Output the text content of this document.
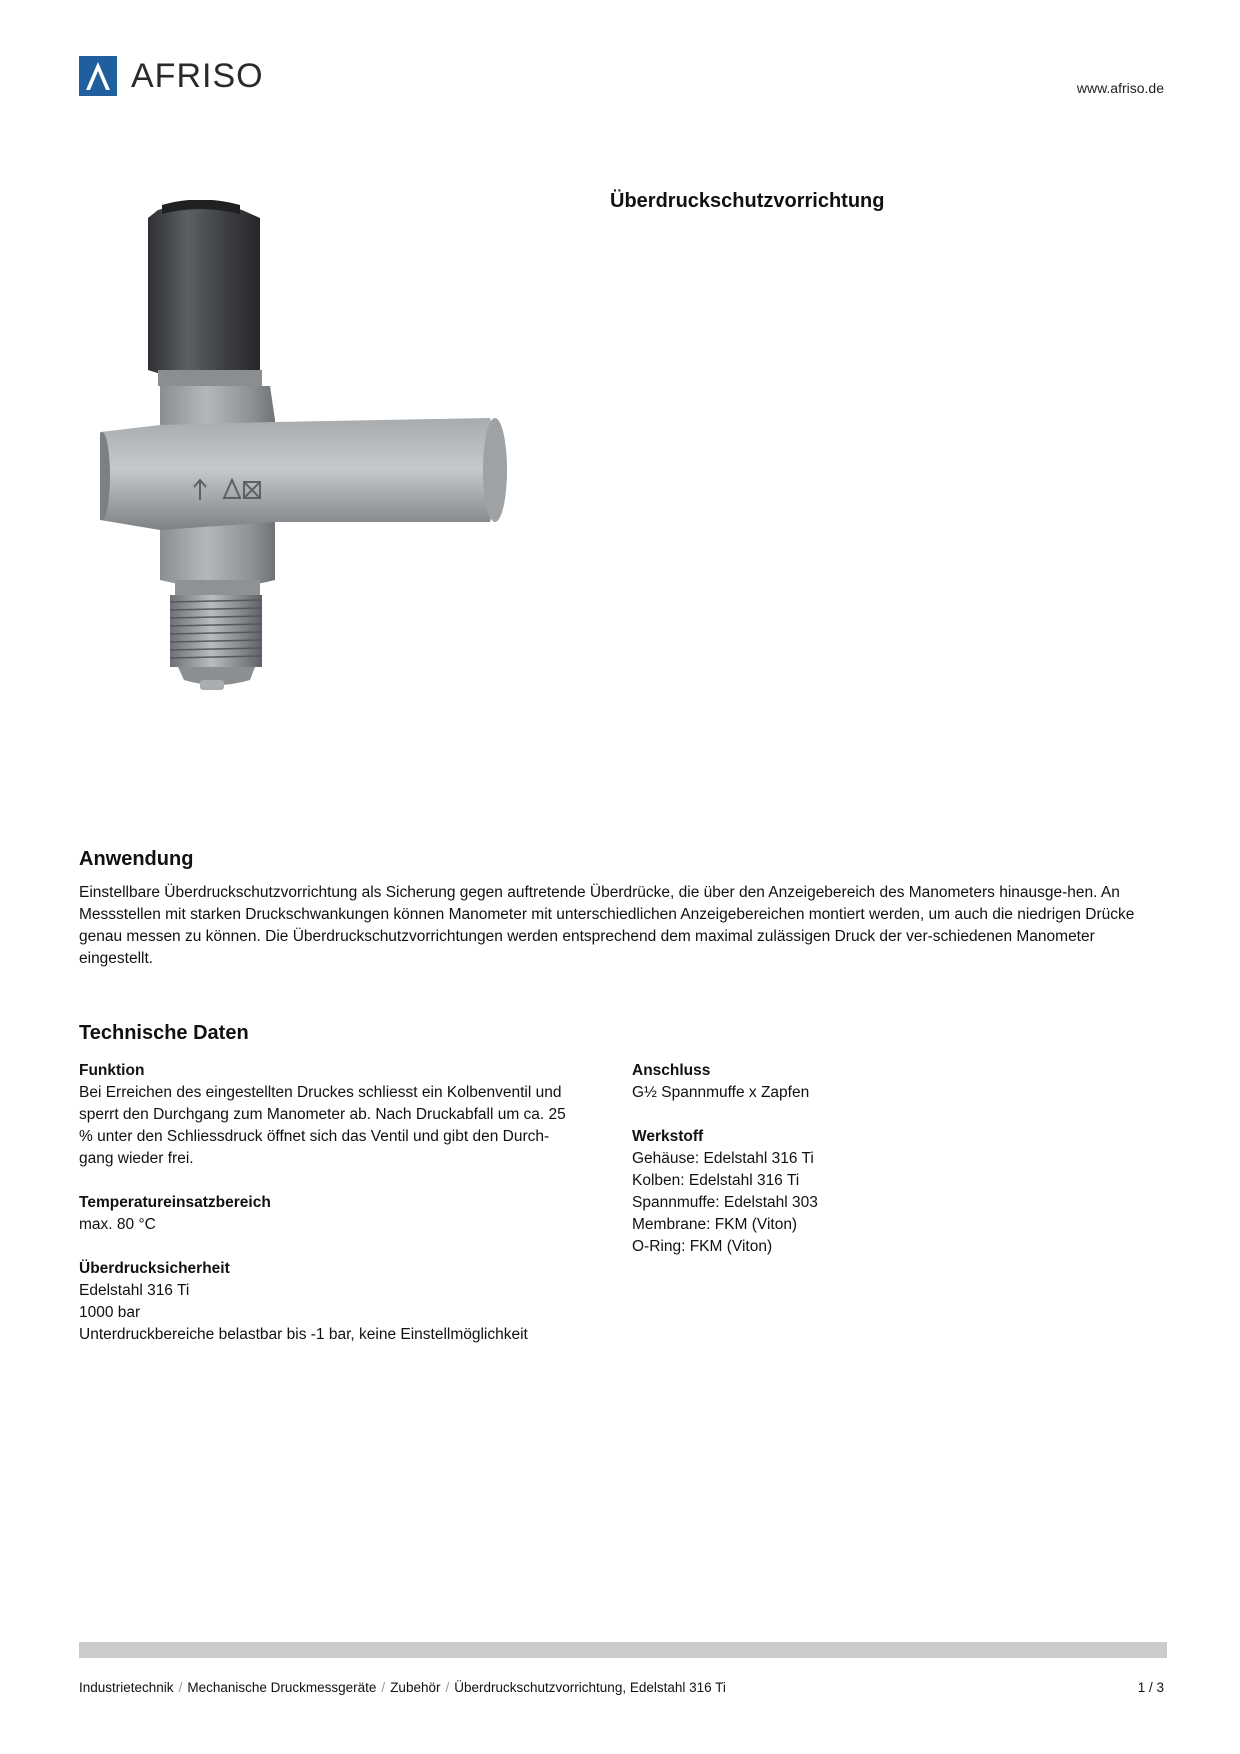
AFRISO	www.afriso.de
Überdruckschutzvorrichtung
Anwendung
Einstellbare Überdruckschutzvorrichtung als Sicherung gegen auftretende Überdrücke, die über den Anzeigebereich des Manometers hinausge-hen. An Messstellen mit starken Druckschwankungen können Manometer mit unterschiedlichen Anzeigebereichen montiert werden, um auch die niedrigen Drücke genau messen zu können. Die Überdruckschutzvorrichtungen werden entsprechend dem maximal zulässigen Druck der ver-schiedenen Manometer eingestellt.
Technische Daten
Funktion
Bei Erreichen des eingestellten Druckes schliesst ein Kolbenventil und
sperrt den Durchgang zum Manometer ab. Nach Druckabfall um ca. 25
% unter den Schliessdruck öffnet sich das Ventil und gibt den Durch-
gang wieder frei.
Temperatureinsatzbereich
max. 80 °C
Überdrucksicherheit
Edelstahl 316 Ti
1000 bar
Unterdruckbereiche belastbar bis -1 bar, keine Einstellmöglichkeit
Anschluss
G½ Spannmuffe x Zapfen
Werkstoff
Gehäuse: Edelstahl 316 Ti
Kolben: Edelstahl 316 Ti
Spannmuffe: Edelstahl 303
Membrane: FKM (Viton)
O-Ring: FKM (Viton)
Industrietechnik / Mechanische Druckmessgeräte / Zubehör / Überdruckschutzvorrichtung, Edelstahl 316 Ti	1 / 3
